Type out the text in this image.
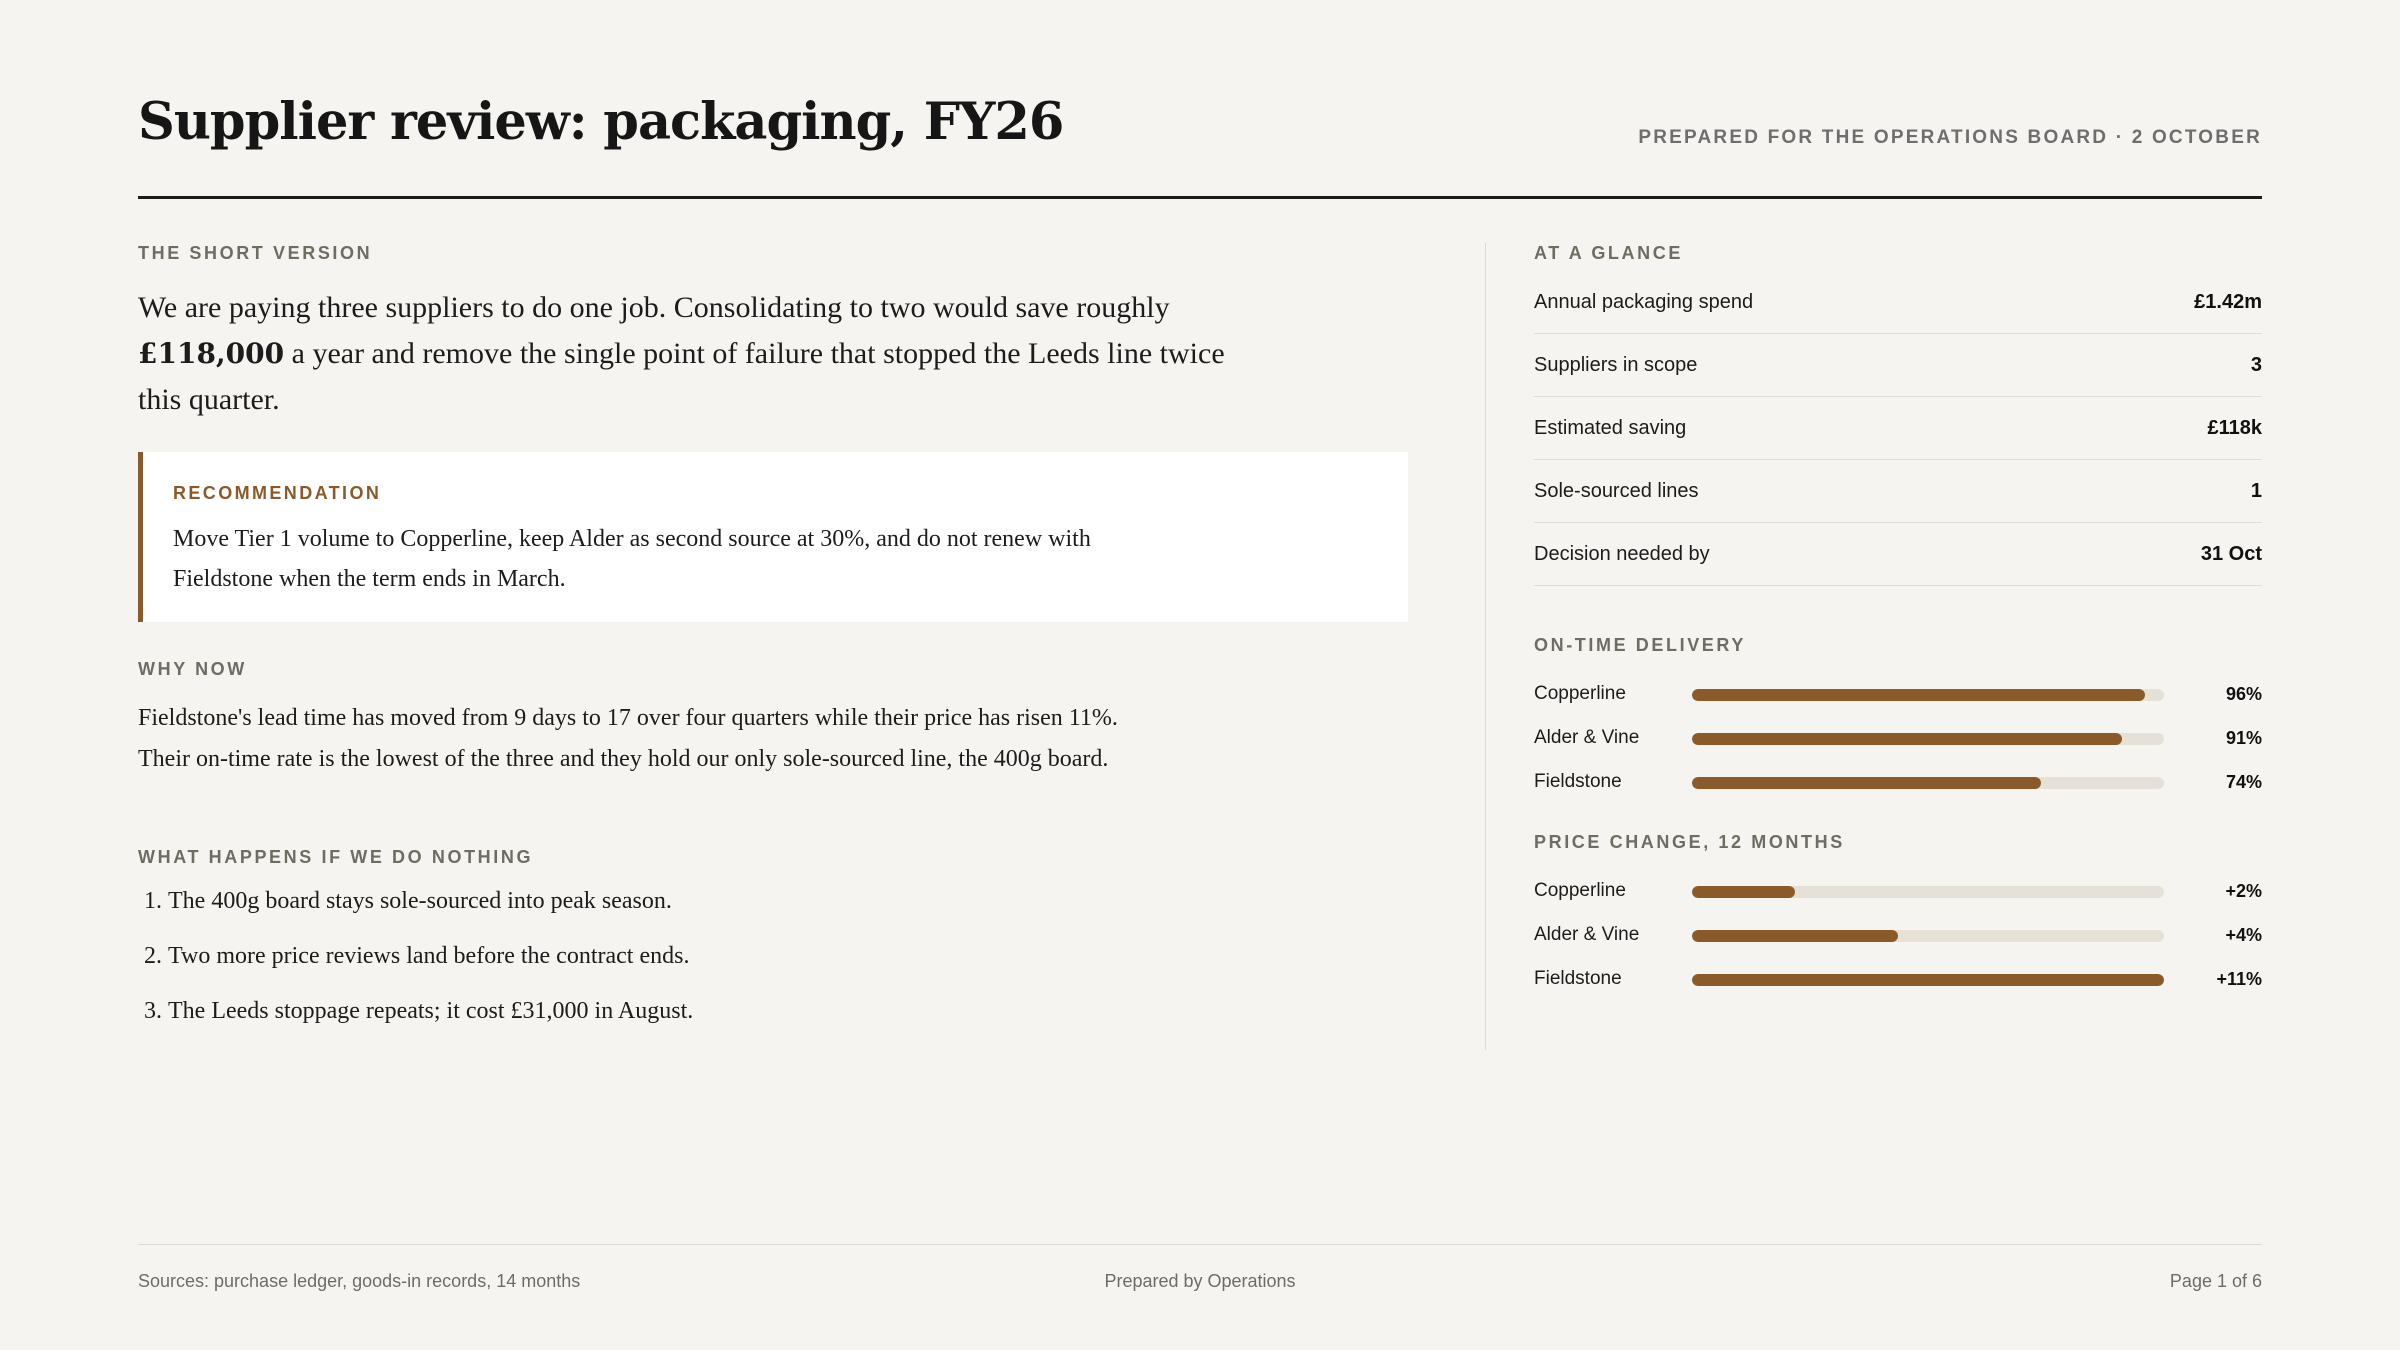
Supplier review: packaging, FY26	PREPARED FOR THE OPERATIONS BOARD · 2 OCTOBER
THE SHORT VERSION
We are paying three suppliers to do one job. Consolidating to two would save roughly £118,000 a year and remove the single point of failure that stopped the Leeds line twice this quarter.
RECOMMENDATION
Move Tier 1 volume to Copperline, keep Alder as second source at 30%, and do not renew with Fieldstone when the term ends in March.
WHY NOW
Fieldstone's lead time has moved from 9 days to 17 over four quarters while their price has risen 11%. Their on-time rate is the lowest of the three and they hold our only sole-sourced line, the 400g board.
WHAT HAPPENS IF WE DO NOTHING
1. The 400g board stays sole-sourced into peak season.
2. Two more price reviews land before the contract ends.
3. The Leeds stoppage repeats; it cost £31,000 in August.
AT A GLANCE
Annual packaging spend	£1.42m
Suppliers in scope	3
Estimated saving	£118k
Sole-sourced lines	1
Decision needed by	31 Oct
ON-TIME DELIVERY
Copperline	96%
Alder & Vine	91%
Fieldstone	74%
PRICE CHANGE, 12 MONTHS
Copperline	+2%
Alder & Vine	+4%
Fieldstone	+11%
Sources: purchase ledger, goods-in records, 14 months	Prepared by Operations	Page 1 of 6
